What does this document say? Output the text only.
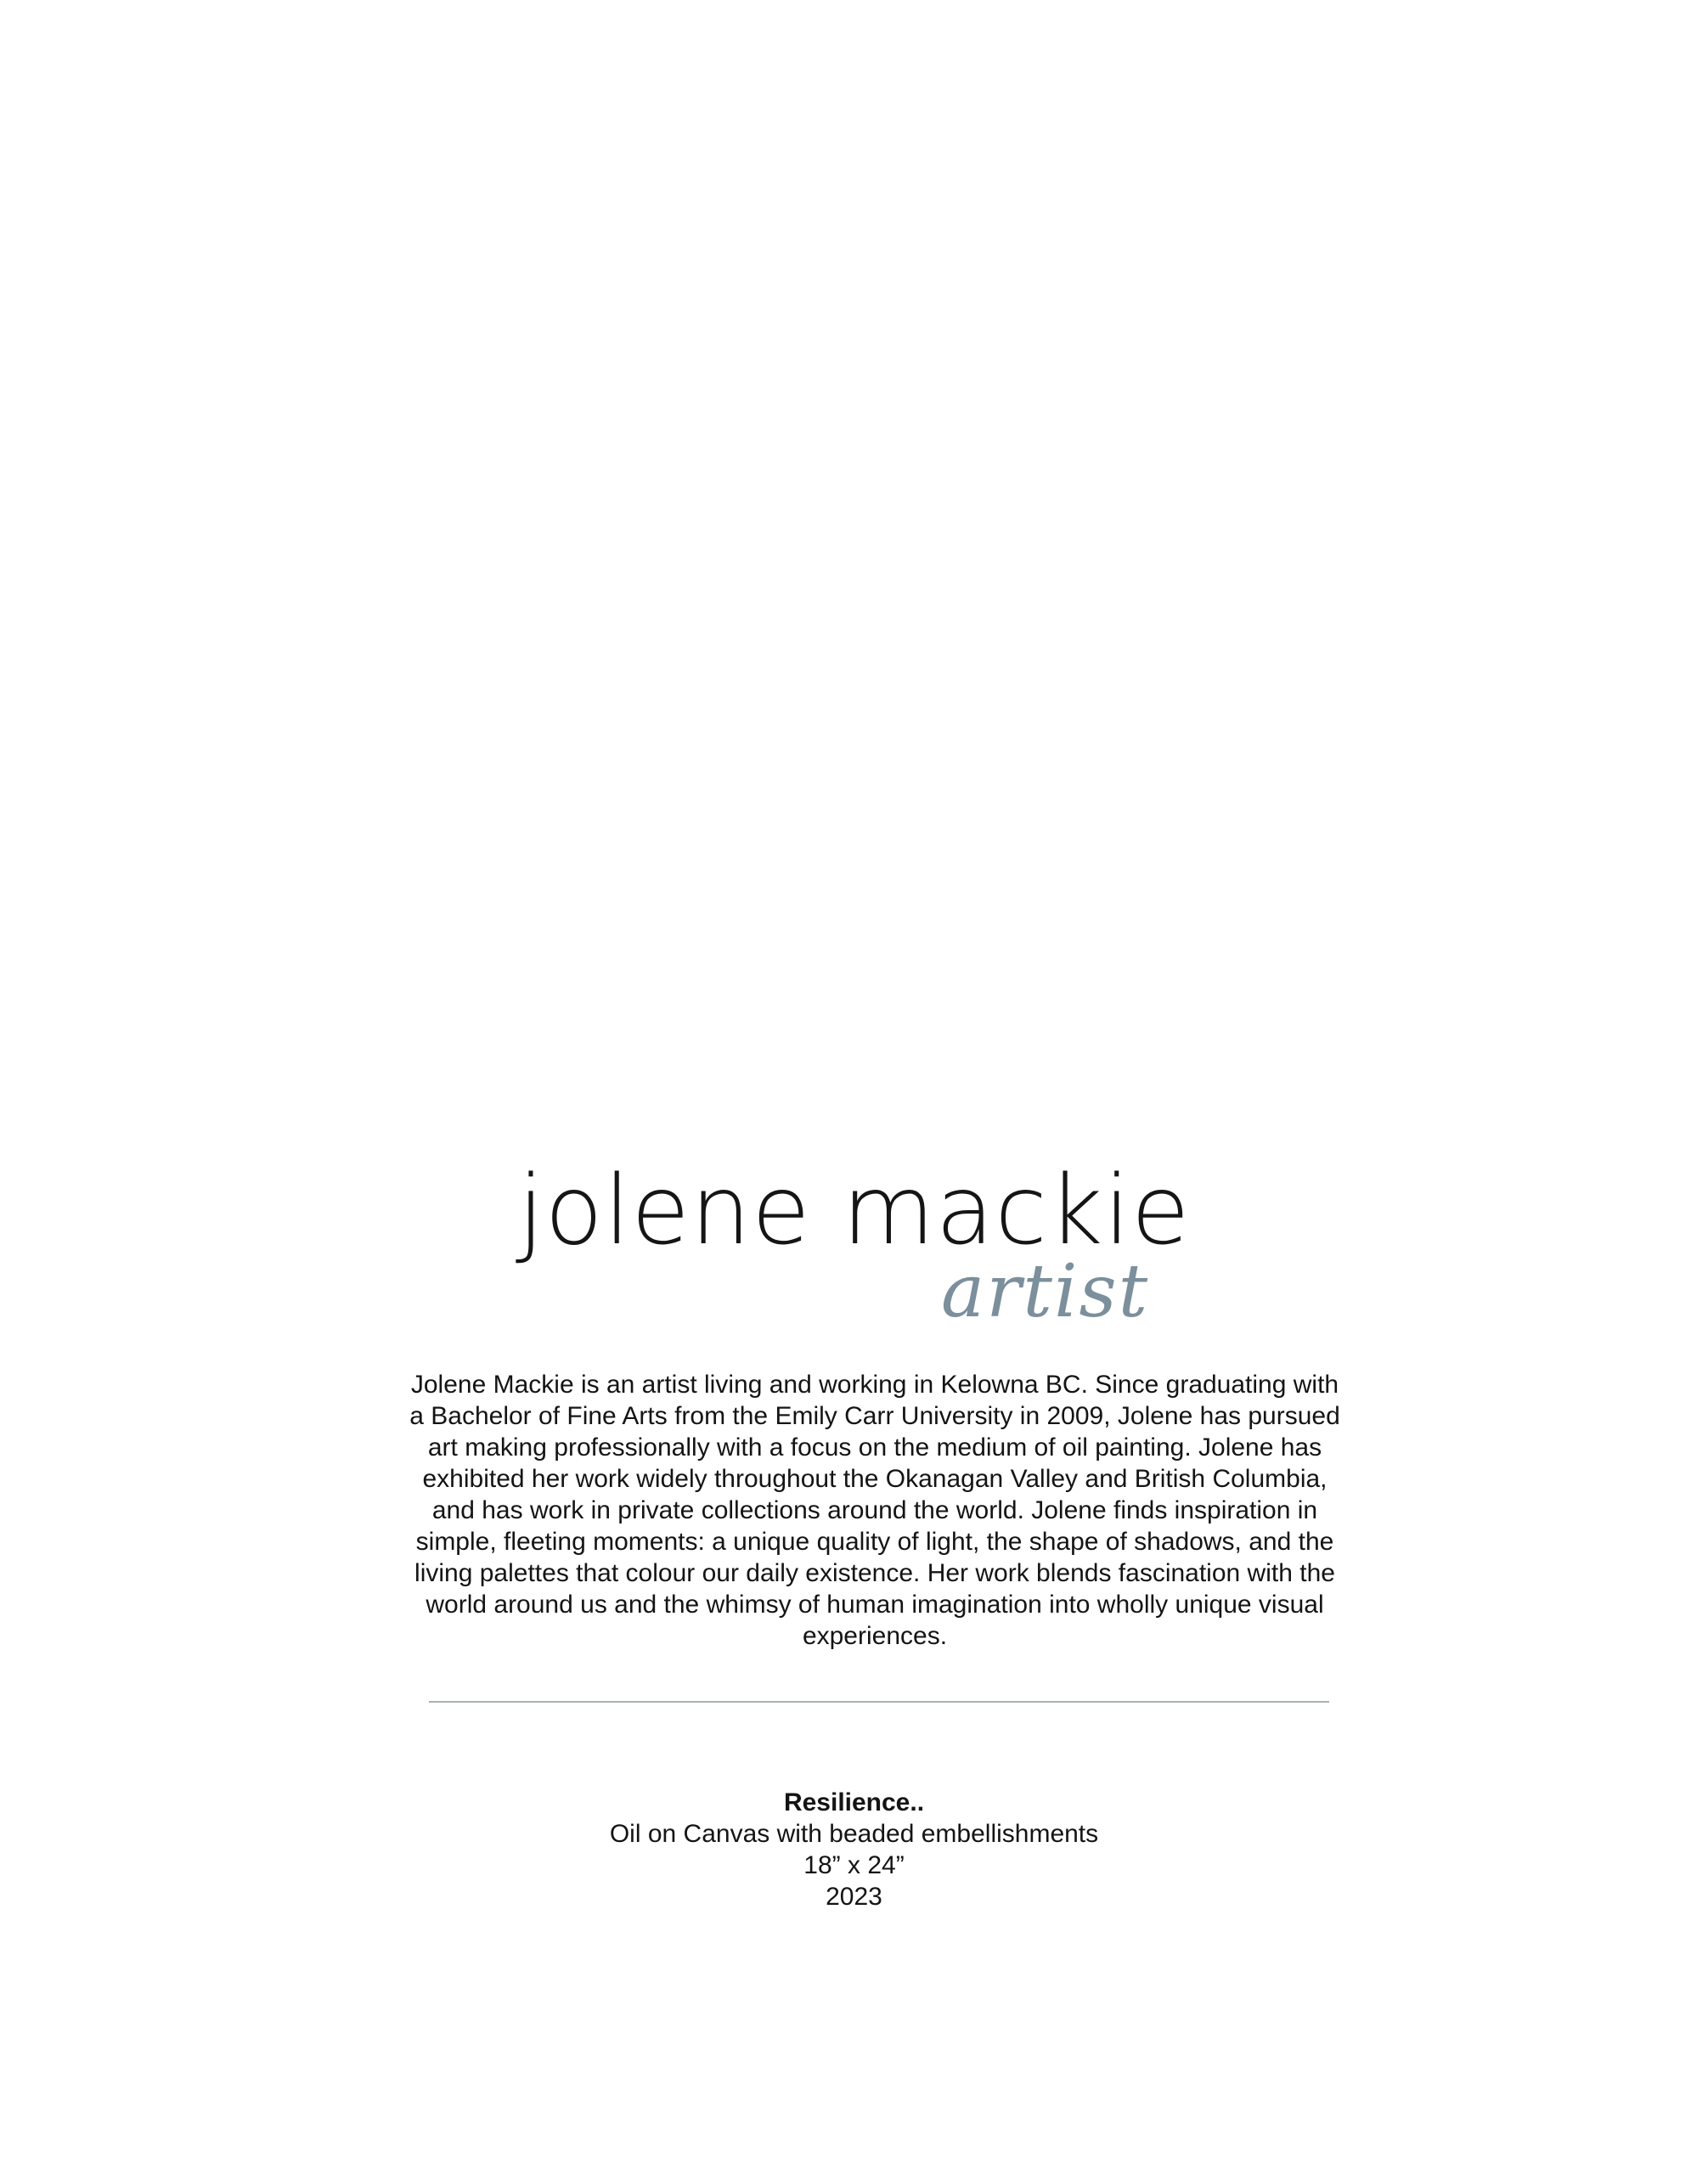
jolene mackie
artist
Jolene Mackie is an artist living and working in Kelowna BC. Since graduating with a Bachelor of Fine Arts from the Emily Carr University in 2009, Jolene has pursued art making professionally with a focus on the medium of oil painting. Jolene has exhibited her work widely throughout the Okanagan Valley and British Columbia, and has work in private collections around the world. Jolene finds inspiration in simple, fleeting moments: a unique quality of light, the shape of shadows, and the living palettes that colour our daily existence. Her work blends fascination with the world around us and the whimsy of human imagination into wholly unique visual experiences.
Resilience..
Oil on Canvas with beaded embellishments
18” x 24”
2023
